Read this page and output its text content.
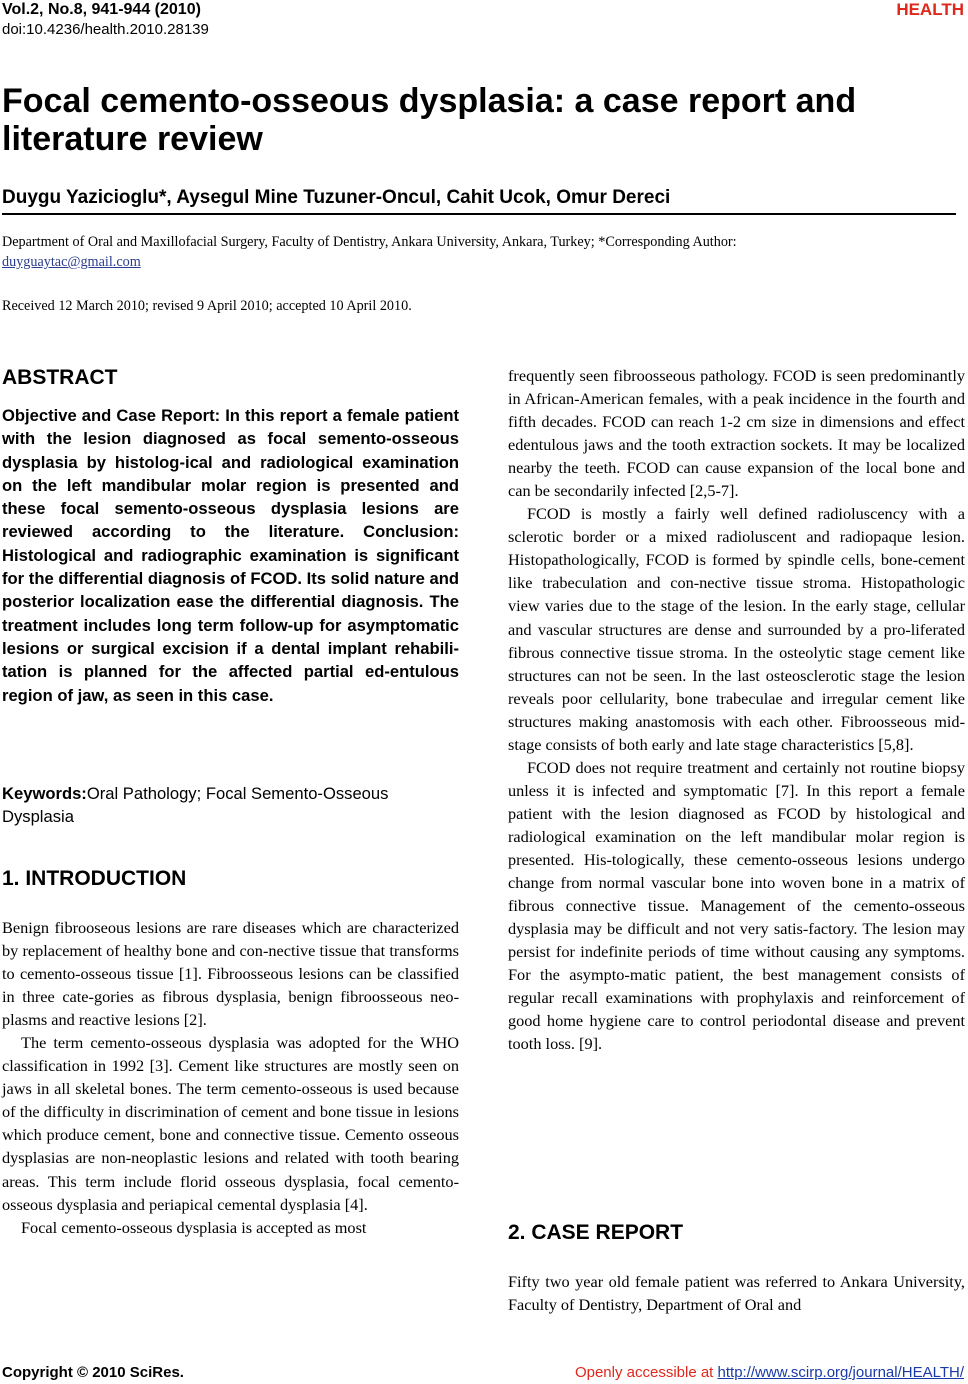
Vol.2, No.8, 941-944 (2010)
doi:10.4236/health.2010.28139
HEALTH
Focal cemento-osseous dysplasia: a case report and literature review
Duygu Yazicioglu*, Aysegul Mine Tuzuner-Oncul, Cahit Ucok, Omur Dereci
Department of Oral and Maxillofacial Surgery, Faculty of Dentistry, Ankara University, Ankara, Turkey; *Corresponding Author:
duyguaytac@gmail.com
Received 12 March 2010; revised 9 April 2010; accepted 10 April 2010.
ABSTRACT
Objective and Case Report: In this report a female patient with the lesion diagnosed as focal semento-osseous dysplasia by histolog-ical and radiological examination on the left mandibular molar region is presented and these focal semento-osseous dysplasia lesions are reviewed according to the literature. Conclusion: Histological and radiographic examination is significant for the differential diagnosis of FCOD. Its solid nature and posterior localization ease the differential diagnosis. The treatment includes long term follow-up for asymptomatic lesions or surgical excision if a dental implant rehabili-tation is planned for the affected partial ed-entulous region of jaw, as seen in this case.
Keywords:Oral Pathology; Focal Semento-Osseous Dysplasia
1. INTRODUCTION

Benign fibrooseous lesions are rare diseases which are characterized by replacement of healthy bone and con-nective tissue that transforms to cemento-osseous tissue [1]. Fibroosseous lesions can be classified in three cate-gories as fibrous dysplasia, benign fibroosseous neo-plasms and reactive lesions [2].

The term cemento-osseous dysplasia was adopted for the WHO classification in 1992 [3]. Cement like structures are mostly seen on jaws in all skeletal bones. The term cemento-osseous is used because of the difficulty in discrimination of cement and bone tissue in lesions which produce cement, bone and connective tissue. Cemento osseous dysplasias are non-neoplastic lesions and related with tooth bearing areas. This term include florid osseous dysplasia, focal cemento-osseous dysplasia and periapical cemental dysplasia [4].

Focal cemento-osseous dysplasia is accepted as most

frequently seen fibroosseous pathology. FCOD is seen predominantly in African-American females, with a peak incidence in the fourth and fifth decades. FCOD can reach 1-2 cm size in dimensions and effect edentulous jaws and the tooth extraction sockets. It may be localized nearby the teeth. FCOD can cause expansion of the local bone and can be secondarily infected [2,5-7].

FCOD is mostly a fairly well defined radioluscency with a sclerotic border or a mixed radioluscent and radiopaque lesion. Histopathologically, FCOD is formed by spindle cells, bone-cement like trabeculation and con-nective tissue stroma. Histopathologic view varies due to the stage of the lesion. In the early stage, cellular and vascular structures are dense and surrounded by a pro-liferated fibrous connective tissue stroma. In the osteolytic stage cement like structures can not be seen. In the last osteosclerotic stage the lesion reveals poor cellularity, bone trabeculae and irregular cement like structures making anastomosis with each other. Fibroosseous mid-stage consists of both early and late stage characteristics [5,8].

FCOD does not require treatment and certainly not routine biopsy unless it is infected and symptomatic [7]. In this report a female patient with the lesion diagnosed as FCOD by histological and radiological examination on the left mandibular molar region is presented. His-tologically, these cemento-osseous lesions undergo change from normal vascular bone into woven bone in a matrix of fibrous connective tissue. Management of the cemento-osseous dysplasia may be difficult and not very satis-factory. The lesion may persist for indefinite periods of time without causing any symptoms. For the asympto-matic patient, the best management consists of regular recall examinations with prophylaxis and reinforcement of good home hygiene care to control periodontal disease and prevent tooth loss. [9].

2. CASE REPORT

Fifty two year old female patient was referred to Ankara University, Faculty of Dentistry, Department of Oral and

Copyright © 2010 SciRes.	Openly accessible at http://www.scirp.org/journal/HEALTH/
